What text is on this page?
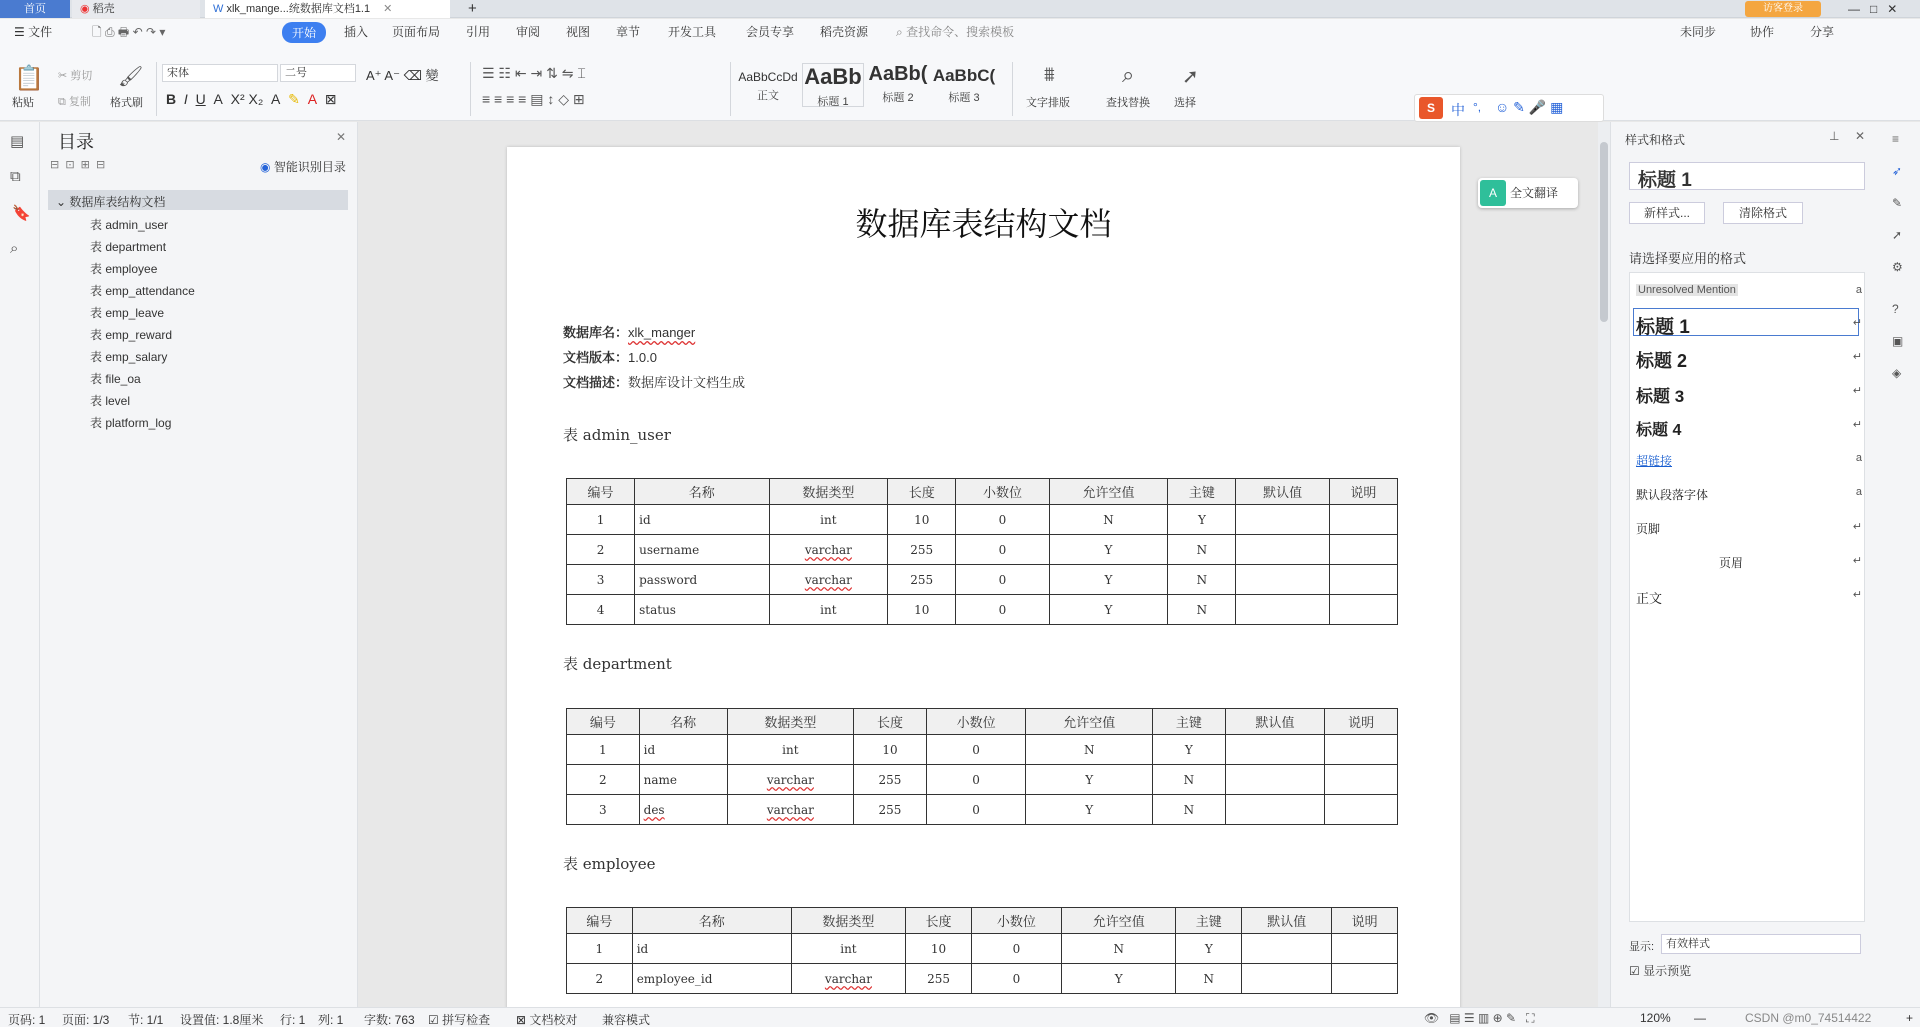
首页	◉ 稻壳	W xlk_mange...统数据库文档1.1 ✕	+	访客登录	—   □   ✕
☰ 文件	🗋 ⎙ 🖶 ↶ ↷ ▾	开始	插入 页面布局 引用 审阅 视图 章节 开发工具 会员专享 稻壳资源 ⌕ 查找命令、搜索模板	未同步	协作	分享
📋
粘贴
✂ 剪切
⧉ 复制
🖌
格式刷
宋体	二号	A⁺ A⁻ ⌫ 變
B I U  A  X² X₂  A  ✎ A  ⊠
☰ ☷ ⇤ ⇥ ⇅ ⇋ ⌶
≡ ≡ ≡ ≡ ▤ ↕ ◇ ⊞
AaBbCcDd
正文
AaBb
标题 1
AaBb(
标题 2
AaBbC(
标题 3
⩩
文字排版
⌕
查找替换
➚
选择	S	中 °, ☺ ✎ 🎤 ▦
▤
⧉
🔖
⌕
目录	✕
⊟  ⊡  ⊞  ⊟	◉ 智能识别目录
⌄ 数据库表结构文档
表 admin_user
表 department
表 employee
表 emp_attendance
表 emp_leave
表 emp_reward
表 emp_salary
表 file_oa
表 level
表 platform_log
数据库表结构文档
数据库名：xlk_manger
文档版本：1.0.0
文档描述：数据库设计文档生成
表 admin_user
编号	名称	数据类型	长度	小数位	允许空值	主键	默认值	说明
1	id	int	10	0	N	Y		
2	username	varchar	255	0	Y	N		
3	password	varchar	255	0	Y	N		
4	status	int	10	0	Y	N		
表 department
编号	名称	数据类型	长度	小数位	允许空值	主键	默认值	说明
1	id	int	10	0	N	Y		
2	name	varchar	255	0	Y	N		
3	des	varchar	255	0	Y	N		
表 employee
编号	名称	数据类型	长度	小数位	允许空值	主键	默认值	说明
1	id	int	10	0	N	Y		
2	employee_id	varchar	255	0	Y	N		
A 全文翻译
样式和格式	⊥ ✕
标题 1
新样式...	清除格式
请选择要应用的格式
Unresolved Mention	a
标题 1	↵
标题 2	↵
标题 3	↵
标题 4	↵
超链接	a
默认段落字体	a
页脚	↵
页眉	↵
正文	↵
显示:	有效样式
☑ 显示预览
≡
➶
✎
➚
⚙
?
▣
◈
页码: 1 页面: 1/3 节: 1/1 设置值: 1.8厘米 行: 1 列: 1 字数: 763 ☑ 拼写检查 ⊠ 文档校对 兼容模式	👁   ▤ ☰ ▥ ⊕ ✎   ⛶	120% —	CSDN @m0_74514422	+
